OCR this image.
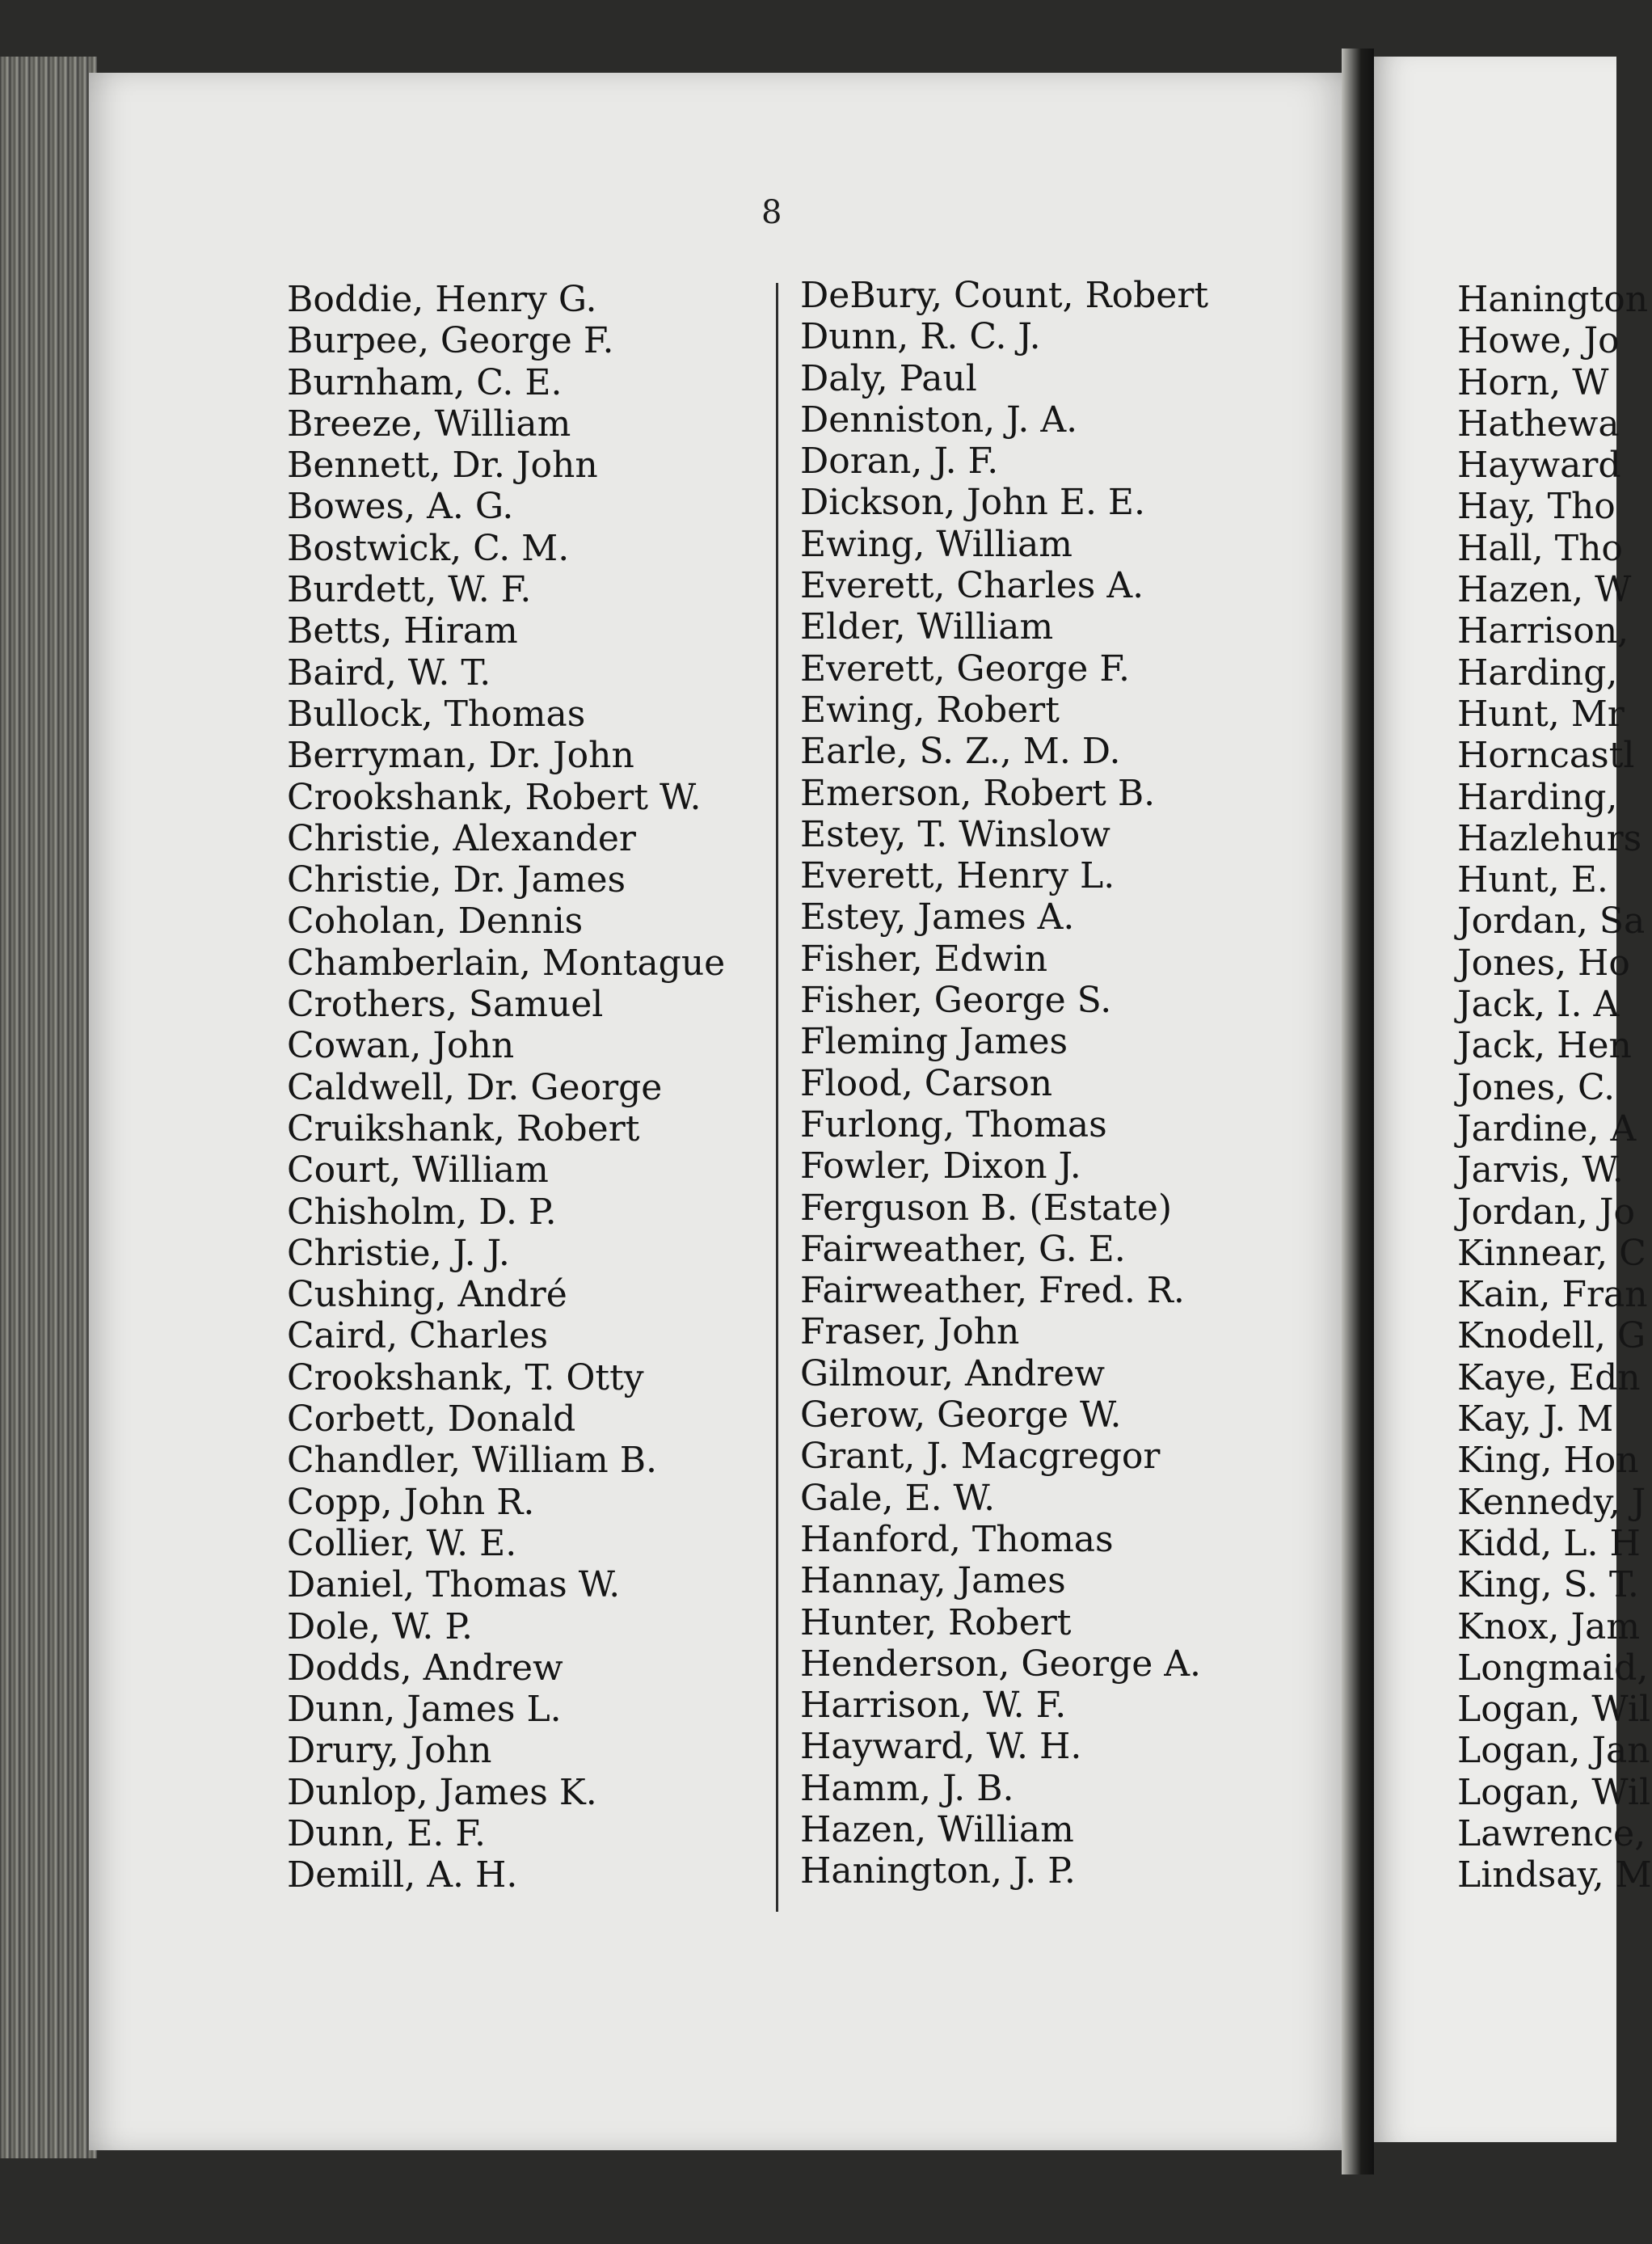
8
Boddie, Henry G.
Burpee, George F.
Burnham, C. E.
Breeze, William
Bennett, Dr. John
Bowes, A. G.
Bostwick, C. M.
Burdett, W. F.
Betts, Hiram
Baird, W. T.
Bullock, Thomas
Berryman, Dr. John
Crookshank, Robert W.
Christie, Alexander
Christie, Dr. James
Coholan, Dennis
Chamberlain, Montague
Crothers, Samuel
Cowan, John
Caldwell, Dr. George
Cruikshank, Robert
Court, William
Chisholm, D. P.
Christie, J. J.
Cushing, André
Caird, Charles
Crookshank, T. Otty
Corbett, Donald
Chandler, William B.
Copp, John R.
Collier, W. E.
Daniel, Thomas W.
Dole, W. P.
Dodds, Andrew
Dunn, James L.
Drury, John
Dunlop, James K.
Dunn, E. F.
Demill, A. H.
DeBury, Count, Robert
Dunn, R. C. J.
Daly, Paul
Denniston, J. A.
Doran, J. F.
Dickson, John E. E.
Ewing, William
Everett, Charles A.
Elder, William
Everett, George F.
Ewing, Robert
Earle, S. Z., M. D.
Emerson, Robert B.
Estey, T. Winslow
Everett, Henry L.
Estey, James A.
Fisher, Edwin
Fisher, George S.
Fleming James
Flood, Carson
Furlong, Thomas
Fowler, Dixon J.
Ferguson B. (Estate)
Fairweather, G. E.
Fairweather, Fred. R.
Fraser, John
Gilmour, Andrew
Gerow, George W.
Grant, J. Macgregor
Gale, E. W.
Hanford, Thomas
Hannay, James
Hunter, Robert
Henderson, George A.
Harrison, W. F.
Hayward, W. H.
Hamm, J. B.
Hazen, William
Hanington, J. P.
Hanington
Howe, Jo
Horn, W
Hathewa
Hayward
Hay, Tho
Hall, Tho
Hazen, W
Harrison,
Harding,
Hunt, Mr
Horncastl
Harding,
Hazlehurs
Hunt, E.
Jordan, Sa
Jones, Ho
Jack, I. A
Jack, Hen
Jones, C.
Jardine, A
Jarvis, W.
Jordan, Jo
Kinnear, C
Kain, Fran
Knodell, G
Kaye, Edn
Kay, J. M
King, Hon
Kennedy, J
Kidd, L. H
King, S. T.
Knox, Jam
Longmaid,
Logan, Wil
Logan, Jan
Logan, Wil
Lawrence,
Lindsay, M
